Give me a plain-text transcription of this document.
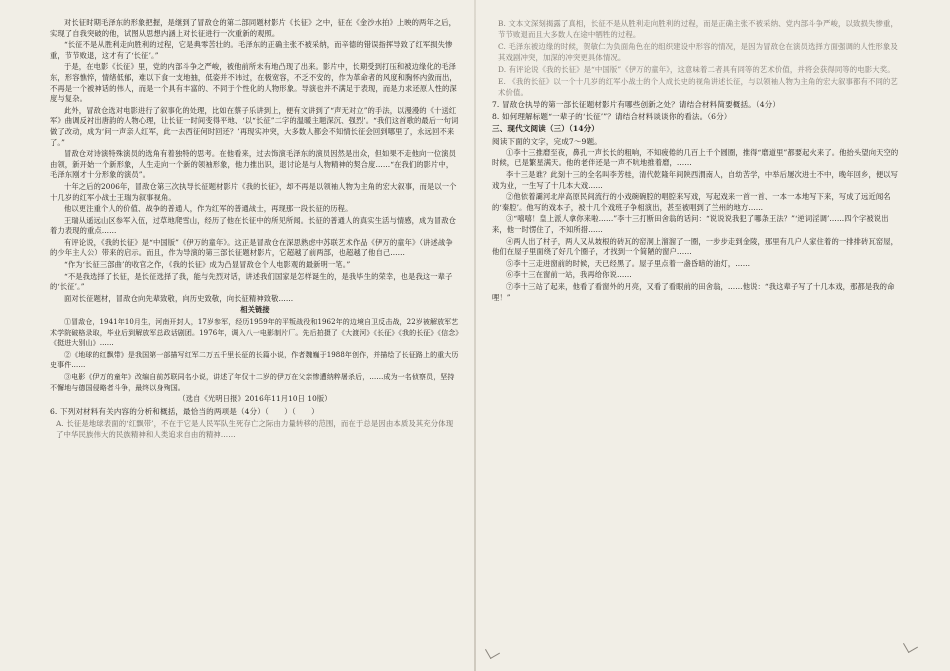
对长征时期毛泽东的形象把握，是继到了冒敌仓的第二部同题材影片《长征》之中，征在《金沙水拍》上映的两年之后，实现了自我突破的他，试图从思想内涵上对长征进行一次重新的观照。

“长征不是从胜利走向胜利的过程，它是典零苦壮的。毛泽东的正确主张不被采纳，而辛德的错误指挥导致了红军损失惨重，节节败退，这才有了‘长征’。”

于是，在电影《长征》里，党的内部斗争之严峻，被他前所未有地凸现了出来。影片中，长期受到打压和被边缘化的毛泽东，形容憔悴，情绪低郁，难以下食一支地抽，低姿并不讳过，在极宽容，不乏不安的，作为革命者的风度和胸怀内敛而出，不再是一个被神话的伟人，而是一个具有丰富的、不同于个性化的人物形象。导演也并不满足于表现，而是力求还原人性的深度与复杂。

此外，冒敌仓选对电影进行了叙事化的处理，比如在蔡子乐讲到上，便有文讲到了“声无对立”的手法，以漫漫的《十送红军》曲调反衬出唐韵的人物心理，让长征一时间变得平地、‘以“长征”二字的温暖主题深沉、强烈’。“我们这首歌的最后一句词做了改动，成为‘问一声亲人红军，此一去西征何时回还？’再现实冲突，大多数人都会不知情长征会回到哪里了，永远回不来了。”

冒敌仓对诗演特殊演员的选角有着独特的思考。在他看来，过去饰演毛泽东的演员因然是出众，但如果不走他向一位演员由领，新开始一个新形象，人生走向一个新的领袖形象，他力推出识，退讨论是与人物精神的契合度……“在我们的影片中，毛泽东刚才十分形象的演员”。

十年之后的2006年，冒敌仓第三次执导长征题材影片《我的长征》，却不再是以领袖人物为主角的宏大叙事，而是以一个十几岁的红军小战士王瑞为叙事视角。

他以更注重个人的价值、战争的普通人，作为红军的普通战士，再现那一段长征的历程。

王瑞从遥远山区参军入伍，过草地爬雪山，经历了他在长征中的所见所闻。长征的普通人的真实生活与情感，成为冒敌仓着力表现的重点……

有评论说，《我的长征》是“中国版”《伊万的童年》。这正是冒敌仓在深思熟虑中苏联艺术作品《伊万的童年》（讲述战争的少年主人公）带来的启示。而且，作为导演的第三部长征题材影片，它超越了前两部，也超越了他自己……

“作为‘长征三部曲’的收官之作，《我的长征》成为凸显冒敌仓个人电影观的最新明一笔。”

“不是我选择了长征，是长征选择了我，能与先烈对话，讲述我们国家是怎样诞生的，是我毕生的荣幸，也是我这一辈子的‘长征’。”

面对长征题材，冒敌仓向先辈致敬，向历史致敬，向长征精神致敬……

相关链接

①冒敌仓，1941年10月生，河南开封人，17岁参军，经历1959年的平叛战役和1962年的边境自卫反击战，22岁被解放军艺术学院破格录取，毕业后到解放军总政话剧团。1976年，调入八一电影制片厂。先后拍摄了《大渡河》《长征》《我的长征》《信念》《挺进大别山》……

②《地球的红飘带》是我国第一部描写红军二万五千里长征的长篇小说，作者魏巍于1988年创作，并描绘了长征路上的重大历史事件……

③电影《伊万的童年》改编自前苏联同名小说，讲述了年仅十二岁的伊万在父亲惨遭纳粹屠杀后，……成为一名侦察员，坚持不懈地与德国侵略者斗争，最终以身殉国。

（选自《光明日报》2016年11月10日 10版）

6. 下列对材料有关内容的分析和概括，最恰当的两项是（4分）（　　）（　　）

A. 长征是地球表面的‘红飘带’，不在于它是人民军队生死存亡之际由力量转移的范围，而在于总是因由本质及其充分体现了中华民族伟大的民族精神和人类追求自由的精神……

B. 文本文深刻揭露了真相，长征不是从胜利走向胜利的过程，而是正确主张不被采纳、党内部斗争严峻，以致损失惨重，节节败退而且大多数人在途中牺牲的过程。

C. 毛泽东被边缘的时候，贺敏仁为负面角色在的组织建设中形容的情况，是因为冒敌仓在演员选择方面强调的人性形象及其戏剧冲突，加深的冲突更具体情况。

D. 有评论说《我的长征》是“中国版”《伊万的童年》，这意味着二者具有同等的艺术价值，并将会获得同等的电影大奖。

E. 《我的长征》以一个十几岁的红军小战士的个人成长史的视角讲述长征，与以领袖人物为主角的宏大叙事都有不同的艺术价值。

7. 冒敌仓执导的第一部长征题材影片有哪些创新之处？请结合材料简要概括。（4分）

8. 如何理解标题“一辈子的‘长征’”？请结合材料谈谈你的看法。（6分）

三、现代文阅读（三）（14分）

阅读下面的文字，完成7～9题。

①李十三推磨至夜，鼻孔一声长长的粗响，不知疲倦的几百上千个圆圈，推得“磨道里”都要起火来了。他抬头望向天空的时候，已是繁星满天。他的老伴还是一声不吭地推着磨，……

李十三是谁？此刻十三的全名叫李芳桂，清代乾隆年间陕西渭南人，自幼苦学，中举后屡次进士不中，晚年回乡，便以写戏为业，一生写了十几本大戏……

②他依着灞河北岸高原民间流行的小戏碗碗腔的唱腔来写戏，写起戏来一首一首、一本一本地写下来，写成了远近闻名的‘秦腔’。他写的戏本子，被十几个戏班子争相演出，甚至被唱到了兰州的地方……

③“嘻嘻！皇上派人拿你来啦……”李十三打断田舍翁的话问：“说说说我犯了哪条王法？”‘逆词淫调’……四个字被说出来，他一时愣住了，不知所措……

④两人出了村子，两人又从坡根的砖瓦的窑洞上溜溜了一圈，一步步走到金陵，那里有几户人家住着的一排排砖瓦窑屋，他们在屋子里面绕了好几个圈子，才找到一个简陋的窗户……

⑤李十三走进窗前的时候，天已经黑了。屋子里点着一盏昏暗的油灯，……

⑥李十三在窗前一站，我再给你说……

⑦李十三站了起来，他看了看窗外的月亮，又看了看眼前的田舍翁，……他说：“我这辈子写了十几本戏，那都是我的命哩！”
